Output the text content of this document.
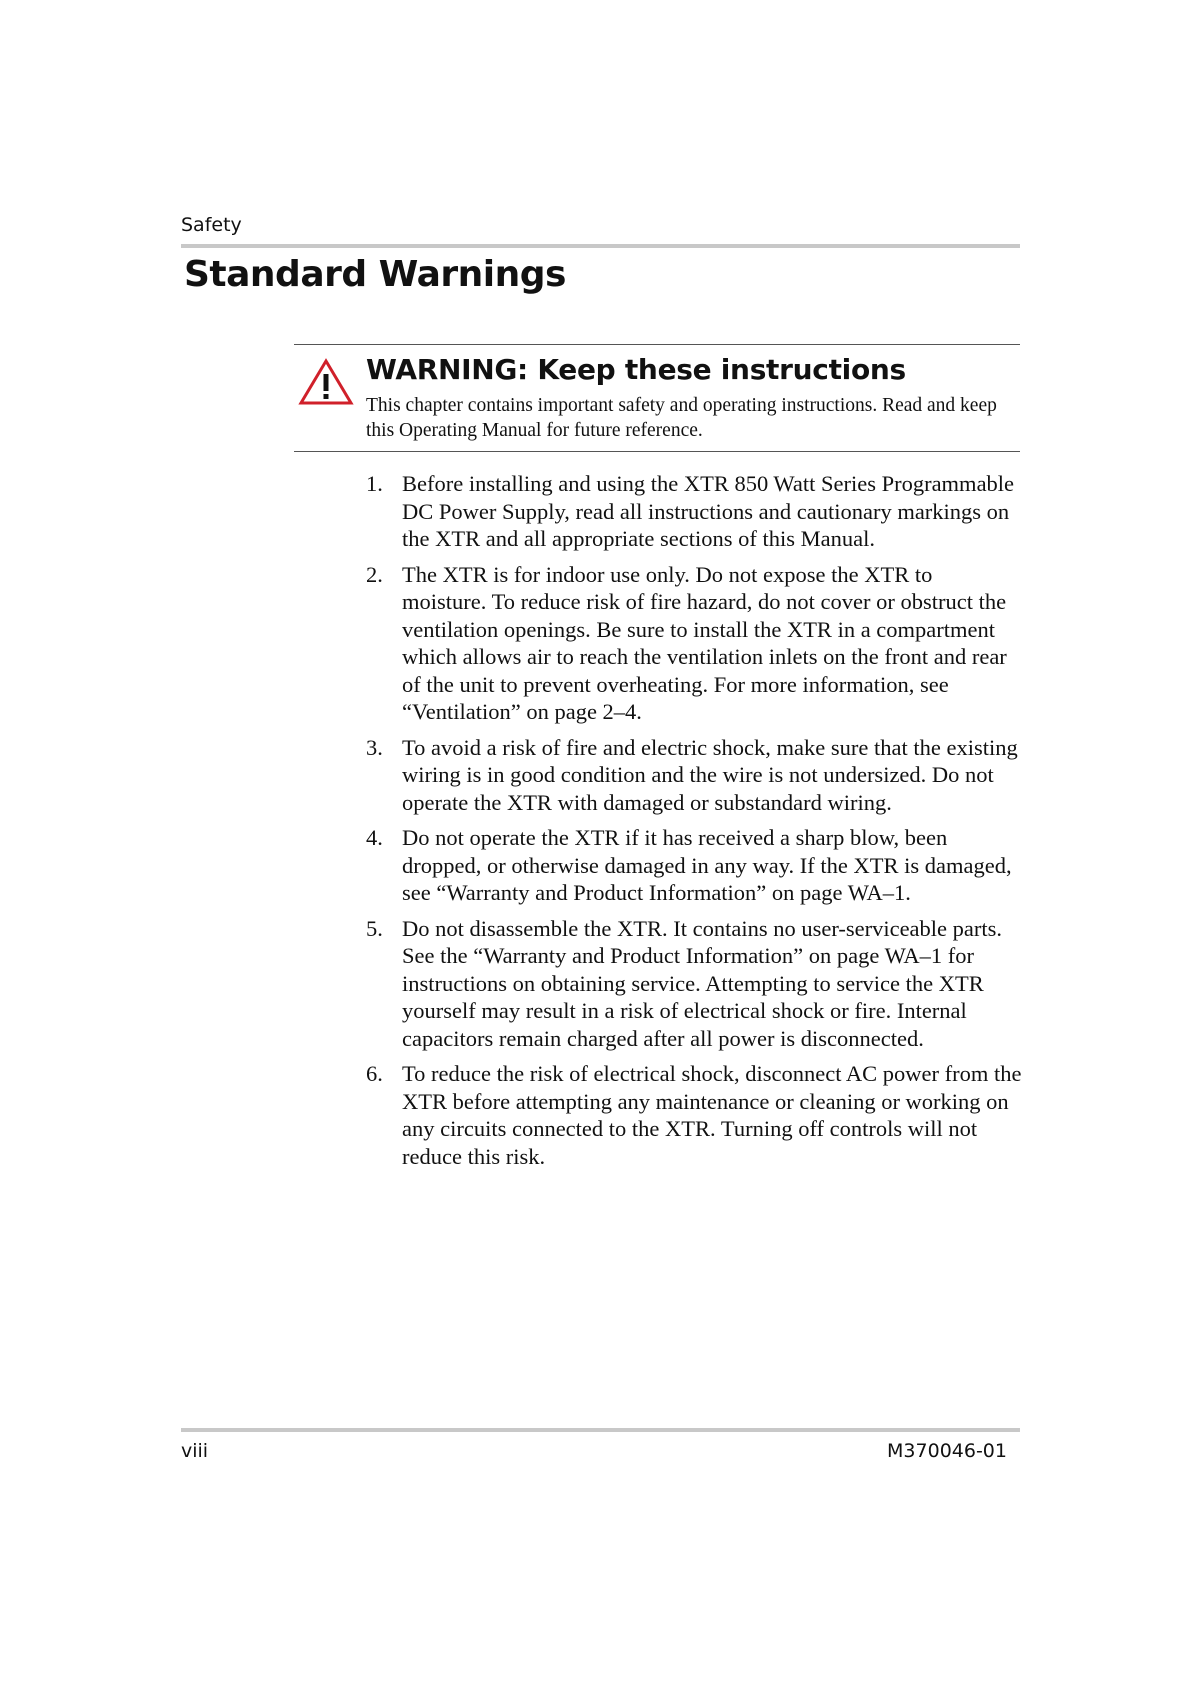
Safety
Standard Warnings
WARNING: Keep these instructions

This chapter contains important safety and operating instructions. Read and keep this Operating Manual for future reference.

1. Before installing and using the XTR 850 Watt Series Programmable DC Power Supply, read all instructions and cautionary markings on the XTR and all appropriate sections of this Manual.
2. The XTR is for indoor use only. Do not expose the XTR to moisture. To reduce risk of fire hazard, do not cover or obstruct the ventilation openings. Be sure to install the XTR in a compartment which allows air to reach the ventilation inlets on the front and rear of the unit to prevent overheating. For more information, see “Ventilation” on page 2–4.
3. To avoid a risk of fire and electric shock, make sure that the existing wiring is in good condition and the wire is not undersized. Do not operate the XTR with damaged or substandard wiring.
4. Do not operate the XTR if it has received a sharp blow, been dropped, or otherwise damaged in any way. If the XTR is damaged, see “Warranty and Product Information” on page WA–1.
5. Do not disassemble the XTR. It contains no user-serviceable parts. See the “Warranty and Product Information” on page WA–1 for instructions on obtaining service. Attempting to service the XTR yourself may result in a risk of electrical shock or fire. Internal capacitors remain charged after all power is disconnected.
6. To reduce the risk of electrical shock, disconnect AC power from the XTR before attempting any maintenance or cleaning or working on any circuits connected to the XTR. Turning off controls will not reduce this risk.
viii	M370046-01
